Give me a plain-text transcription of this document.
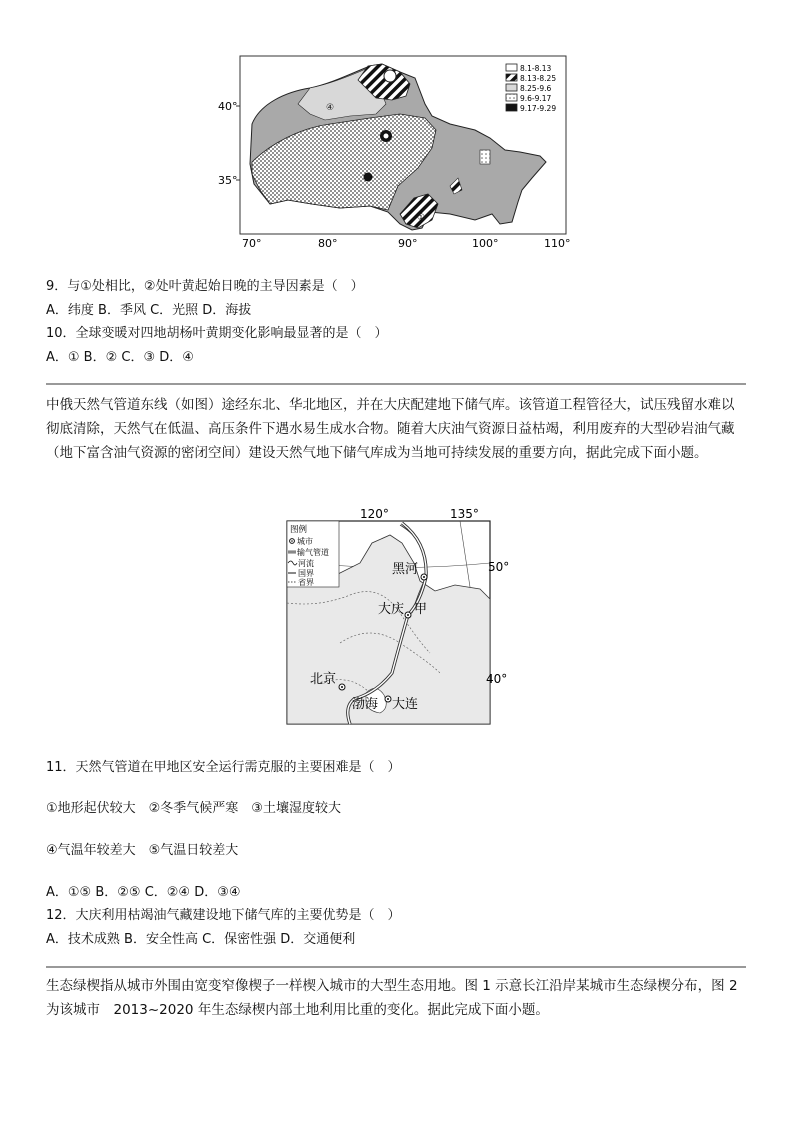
④
①
40°
35°
70°	80°	90°	100°	110°
8.1-8.13
8.13-8.25
8.25-9.6
9.6-9.17
9.17-9.29
9．与①处相比，②处叶黄起始日晚的主导因素是（　）
A．纬度 B．季风 C．光照 D．海拔
10．全球变暖对四地胡杨叶黄期变化影响最显著的是（　）
A．① B．② C．③ D．④
中俄天然气管道东线（如图）途经东北、华北地区，并在大庆配建地下储气库。该管道工程管径大，试压残留水难以彻底清除，天然气在低温、高压条件下遇水易生成水合物。随着大庆油气资源日益枯竭，利用废弃的大型砂岩油气藏（地下富含油气资源的密闭空间）建设天然气地下储气库成为当地可持续发展的重要方向，据此完成下面小题。
120°	135°
50°
40°
黑河
大庆 甲
北京
渤海 大连
图例
城市
输气管道
河流
国界
省界
11．天然气管道在甲地区安全运行需克服的主要困难是（　）
①地形起伏较大　②冬季气候严寒　③土壤湿度较大
④气温年较差大　⑤气温日较差大
A．①⑤ B．②⑤ C．②④ D．③④
12．大庆利用枯竭油气藏建设地下储气库的主要优势是（　）
A．技术成熟 B．安全性高 C．保密性强 D．交通便利
生态绿楔指从城市外围由宽变窄像楔子一样楔入城市的大型生态用地。图 1 示意长江沿岸某城市生态绿楔分布，图 2 为该城市　2013~2020 年生态绿楔内部土地利用比重的变化。据此完成下面小题。
